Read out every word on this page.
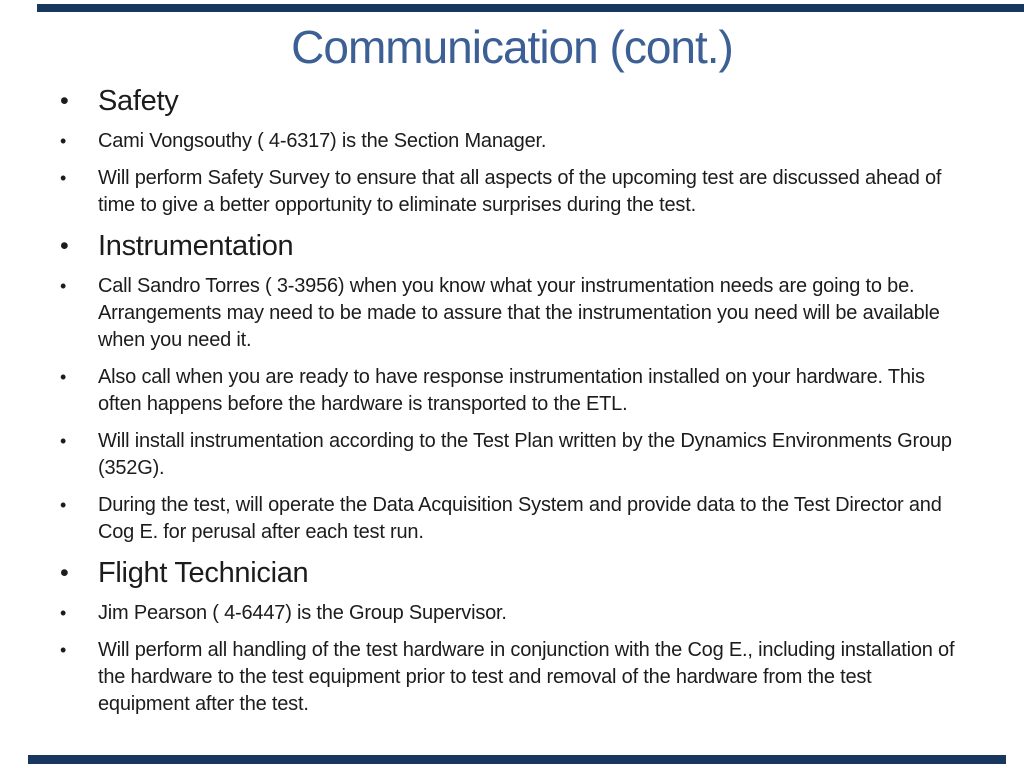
Communication (cont.)
•	Safety
•	Cami Vongsouthy ( 4-6317) is the Section Manager.
•	Will perform Safety Survey to ensure that all aspects of the upcoming test are discussed ahead of time to give a better opportunity to eliminate surprises during the test.
•	Instrumentation
•	Call Sandro Torres ( 3-3956) when you know what your instrumentation needs are going to be. Arrangements may need to be made to assure that the instrumentation you need will be available when you need it.
•	Also call when you are ready to have response instrumentation installed on your hardware. This often happens before the hardware is transported to the ETL.
•	Will install instrumentation according to the Test Plan written by the Dynamics Environments Group (352G).
•	During the test, will operate the Data Acquisition System and provide data to the Test Director and Cog E. for perusal after each test run.
•	Flight Technician
•	Jim Pearson ( 4-6447) is the Group Supervisor.
•	Will perform all handling of the test hardware in conjunction with the Cog E., including installation of the hardware to the test equipment prior to test and removal of the hardware from the test equipment after the test.
